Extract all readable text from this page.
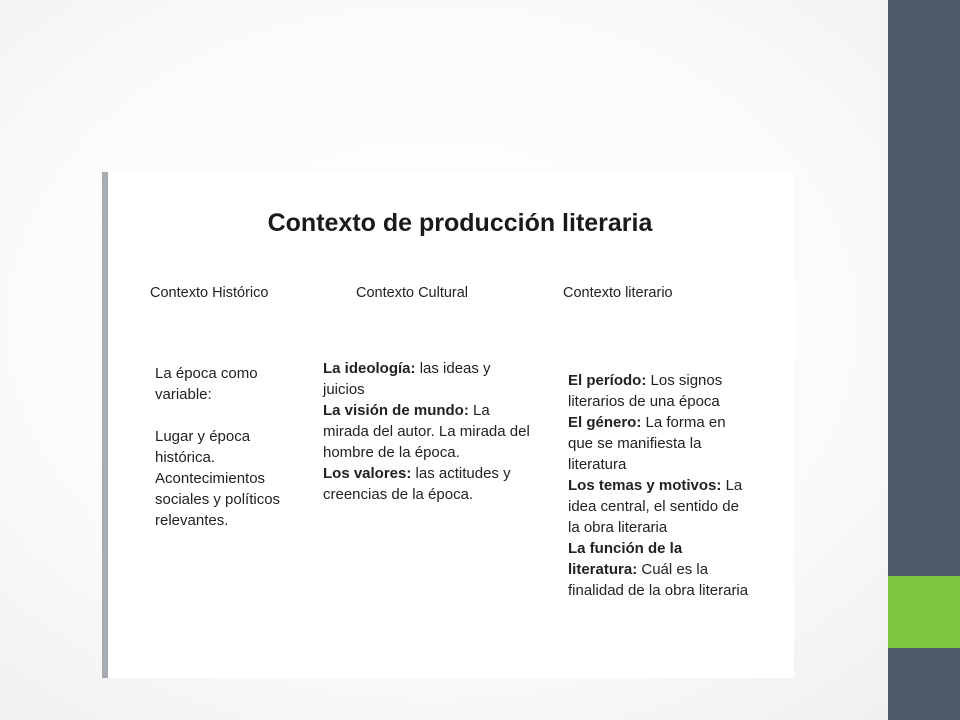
Contexto de producción literaria
Contexto Histórico	Contexto Cultural	Contexto literario

La época como variable:

Lugar y época histórica. Acontecimientos sociales y políticos relevantes.

La ideología: las ideas y juicios

La visión de mundo: La mirada del autor. La mirada del hombre de la época.

Los valores: las actitudes y creencias de la época.

El período: Los signos literarios de una época

El género: La forma en que se manifiesta la literatura

Los temas y motivos: La idea central, el sentido de la obra literaria

La función de la literatura: Cuál es la finalidad de la obra literaria
